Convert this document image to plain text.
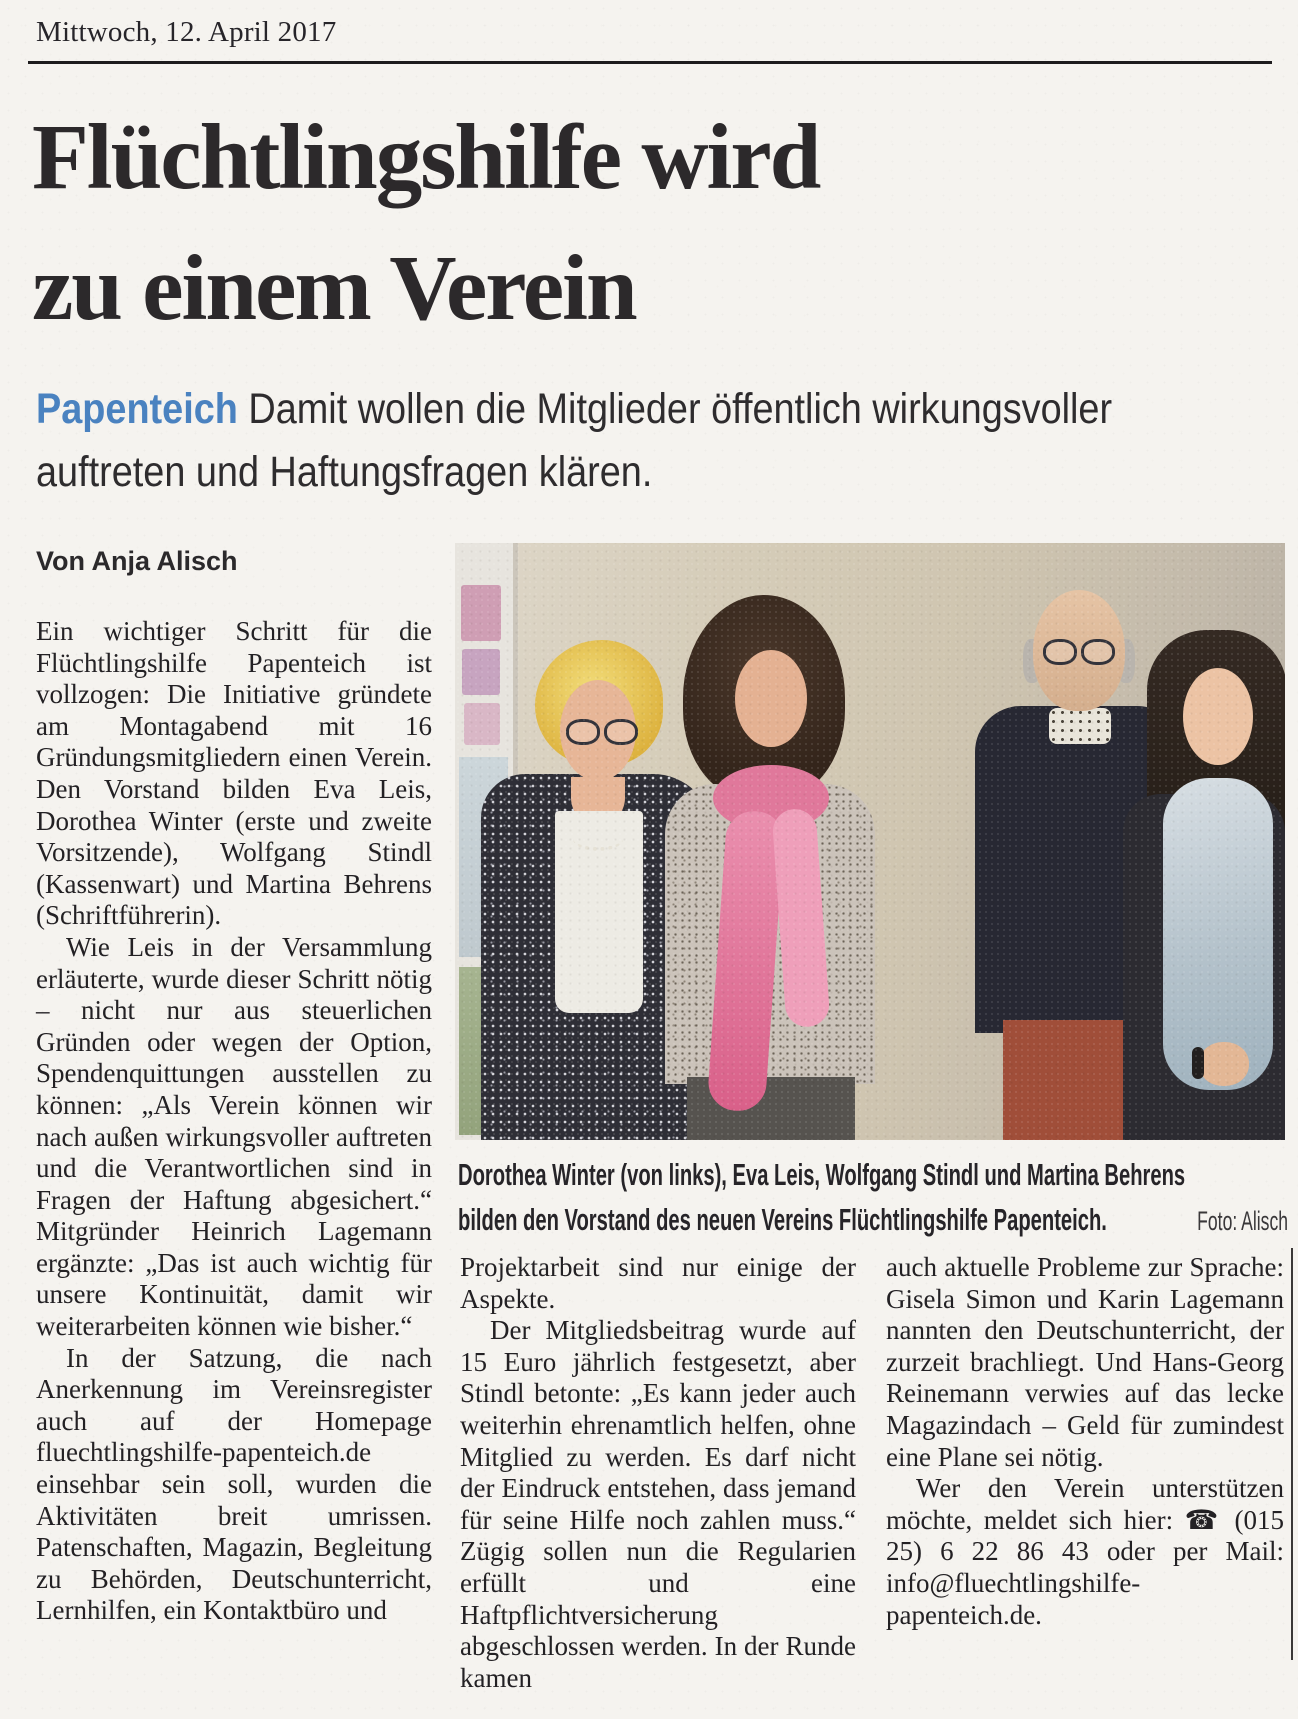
Mittwoch, 12. April 2017
Flüchtlingshilfe wird
zu einem Verein
Papenteich Damit wollen die Mitglieder öffentlich wirkungsvoller auftreten und Haftungsfragen klären.
Von Anja Alisch

Ein wichtiger Schritt für die Flüchtlingshilfe Papenteich ist vollzogen: Die Initiative gründete am Montagabend mit 16 Gründungsmitgliedern einen Verein. Den Vorstand bilden Eva Leis, Dorothea Winter (erste und zweite Vorsitzende), Wolfgang Stindl (Kassenwart) und Martina Behrens (Schriftführerin).

Wie Leis in der Versammlung erläuterte, wurde dieser Schritt nötig – nicht nur aus steuerlichen Gründen oder wegen der Option, Spendenquittungen ausstellen zu können: „Als Verein können wir nach außen wirkungsvoller auftreten und die Verantwortlichen sind in Fragen der Haftung abgesichert.“ Mitgründer Heinrich Lagemann ergänzte: „Das ist auch wichtig für unsere Kontinuität, damit wir weiterarbeiten können wie bisher.“

In der Satzung, die nach Anerkennung im Vereinsregister auch auf der Homepage fluechtlingshilfe-papenteich.de einsehbar sein soll, wurden die Aktivitäten breit umrissen. Patenschaften, Magazin, Begleitung zu Behörden, Deutschunterricht, Lernhilfen, ein Kontaktbüro und

Dorothea Winter (von links), Eva Leis, Wolfgang Stindl und Martina Behrens
bilden den Vorstand des neuen Vereins Flüchtlingshilfe Papenteich.	Foto: Alisch

Projektarbeit sind nur einige der Aspekte.

Der Mitgliedsbeitrag wurde auf 15 Euro jährlich festgesetzt, aber Stindl betonte: „Es kann jeder auch weiterhin ehrenamtlich helfen, ohne Mitglied zu werden. Es darf nicht der Eindruck entstehen, dass jemand für seine Hilfe noch zahlen muss.“ Zügig sollen nun die Regularien erfüllt und eine Haftpflichtversicherung abgeschlossen werden. In der Runde kamen

auch aktuelle Probleme zur Sprache: Gisela Simon und Karin Lagemann nannten den Deutschunterricht, der zurzeit brachliegt. Und Hans-Georg Reinemann verwies auf das lecke Magazindach – Geld für zumindest eine Plane sei nötig.

Wer den Verein unterstützen möchte, meldet sich hier: ☎ (015 25) 6 22 86 43 oder per Mail: info@fluechtlingshilfe-papenteich.de.
